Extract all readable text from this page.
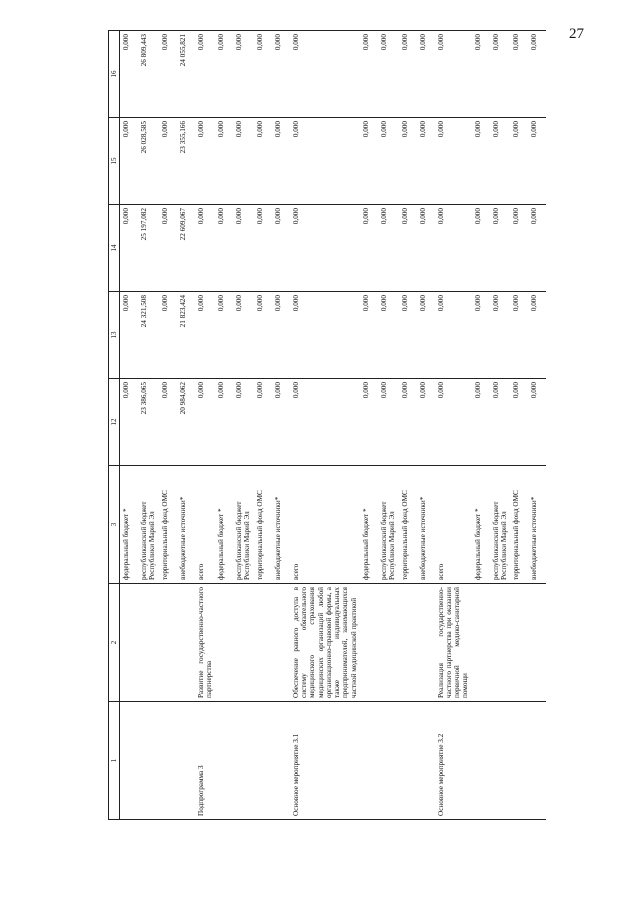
27
1	2	3	12	13	14	15	16
		федеральный бюджет *	0,000	0,000	0,000	0,000	0,000
		республиканский бюджет Республики Марий Эл	23 386,065	24 321,508	25 197,082	26 028,585	26 809,443
		территориальный фонд ОМС	0,000	0,000	0,000	0,000	0,000
		внебюджетные источники*	20 984,062	21 823,424	22 609,067	23 355,166	24 055,821
Подпрограмма 3	Развитие государственно-частного партнерства	всего	0,000	0,000	0,000	0,000	0,000
		федеральный бюджет *	0,000	0,000	0,000	0,000	0,000
		республиканский бюджет Республики Марий Эл	0,000	0,000	0,000	0,000	0,000
		территориальный фонд ОМС	0,000	0,000	0,000	0,000	0,000
		внебюджетные источники*	0,000	0,000	0,000	0,000	0,000
Основное мероприятие 3.1	Обеспечение равного доступа в систему обязательного медицинского страхования медицинских организаций любой организационно-правовой формы, а также индивидуальных предпринимателей, занимающихся частной медицинской практикой	всего	0,000	0,000	0,000	0,000	0,000
		федеральный бюджет *	0,000	0,000	0,000	0,000	0,000
		республиканский бюджет Республики Марий Эл	0,000	0,000	0,000	0,000	0,000
		территориальный фонд ОМС	0,000	0,000	0,000	0,000	0,000
		внебюджетные источники*	0,000	0,000	0,000	0,000	0,000
Основное мероприятие 3.2	Реализация государственно-частного партнерства при оказании первичной медико-санитарной помощи	всего	0,000	0,000	0,000	0,000	0,000
		федеральный бюджет *	0,000	0,000	0,000	0,000	0,000
		республиканский бюджет Республики Марий Эл	0,000	0,000	0,000	0,000	0,000
		территориальный фонд ОМС	0,000	0,000	0,000	0,000	0,000
		внебюджетные источники*	0,000	0,000	0,000	0,000	0,000
